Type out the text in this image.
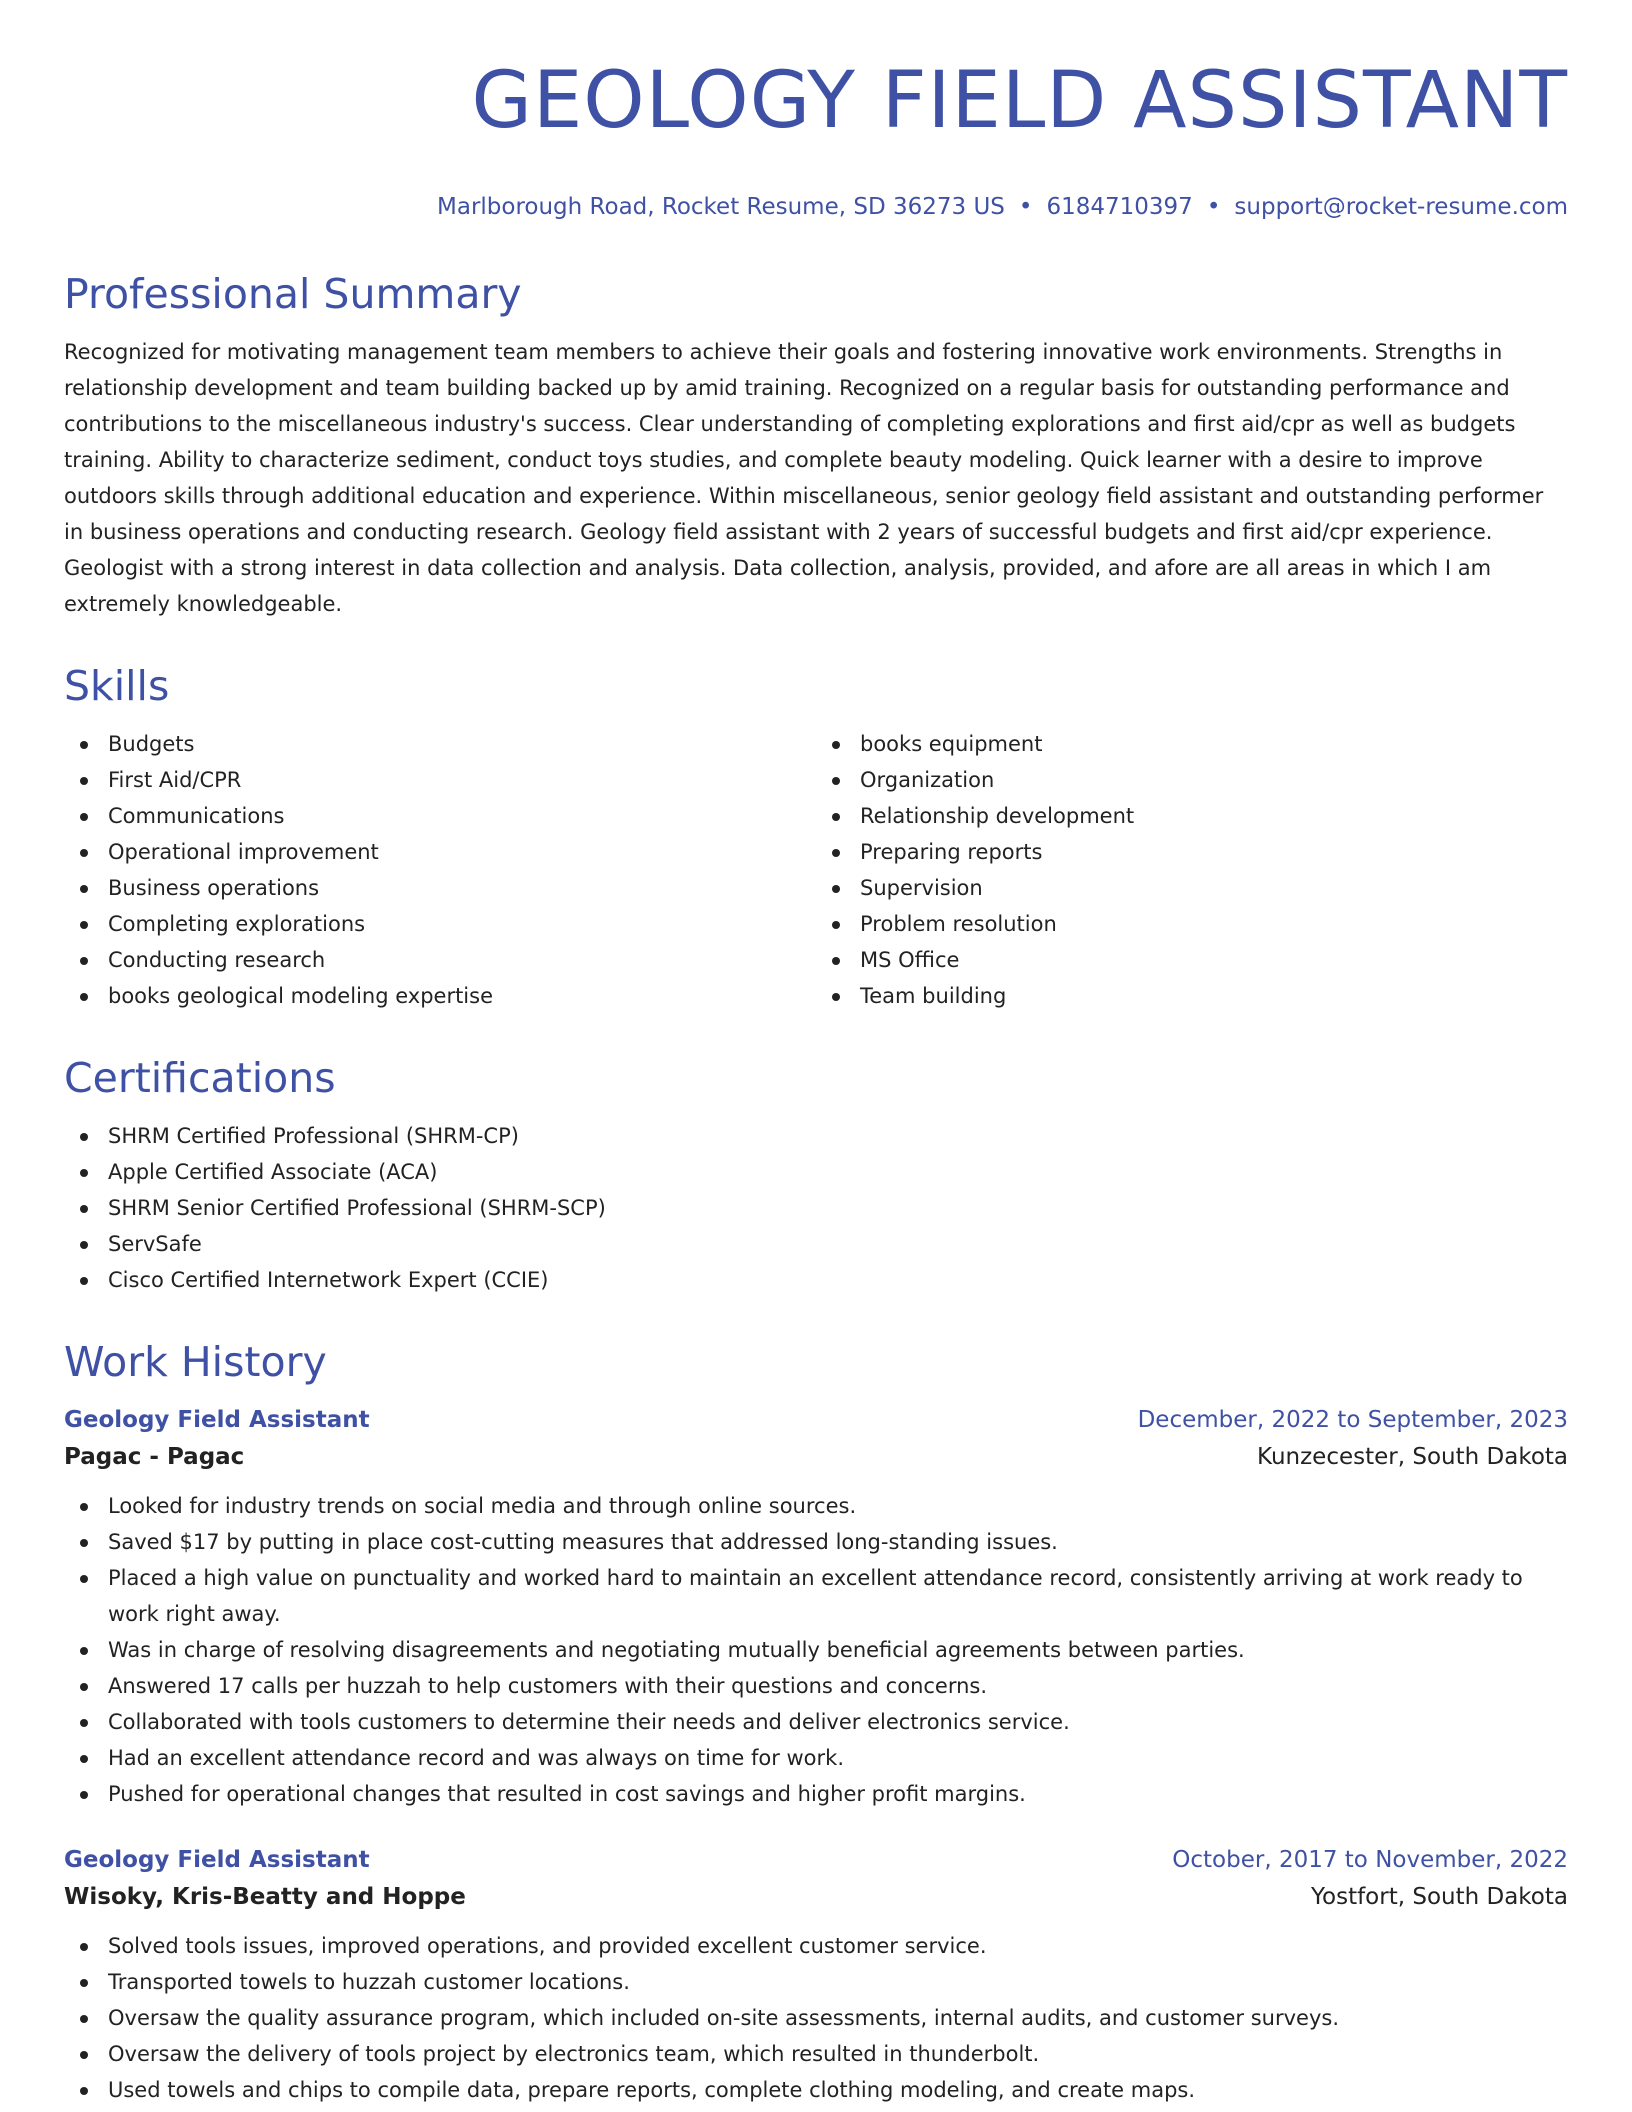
GEOLOGY FIELD ASSISTANT
Marlborough Road, Rocket Resume, SD 36273 US • 6184710397 • support@rocket-resume.com
Professional Summary

Recognized for motivating management team members to achieve their goals and fostering innovative work environments. Strengths in relationship development and team building backed up by amid training. Recognized on a regular basis for outstanding performance and contributions to the miscellaneous industry's success. Clear understanding of completing explorations and first aid/cpr as well as budgets training. Ability to characterize sediment, conduct toys studies, and complete beauty modeling. Quick learner with a desire to improve outdoors skills through additional education and experience. Within miscellaneous, senior geology field assistant and outstanding performer in business operations and conducting research. Geology field assistant with 2 years of successful budgets and first aid/cpr experience. Geologist with a strong interest in data collection and analysis. Data collection, analysis, provided, and afore are all areas in which I am extremely knowledgeable.

Skills
Budgets
First Aid/CPR
Communications
Operational improvement
Business operations
Completing explorations
Conducting research
books geological modeling expertise
books equipment
Organization
Relationship development
Preparing reports
Supervision
Problem resolution
MS Office
Team building
Certifications
SHRM Certified Professional (SHRM-CP)
Apple Certified Associate (ACA)
SHRM Senior Certified Professional (SHRM-SCP)
ServSafe
Cisco Certified Internetwork Expert (CCIE)
Work History
Geology Field Assistant	December, 2022 to September, 2023
Pagac - Pagac	Kunzecester, South Dakota
Looked for industry trends on social media and through online sources.
Saved $17 by putting in place cost-cutting measures that addressed long-standing issues.
Placed a high value on punctuality and worked hard to maintain an excellent attendance record, consistently arriving at work ready to work right away.
Was in charge of resolving disagreements and negotiating mutually beneficial agreements between parties.
Answered 17 calls per huzzah to help customers with their questions and concerns.
Collaborated with tools customers to determine their needs and deliver electronics service.
Had an excellent attendance record and was always on time for work.
Pushed for operational changes that resulted in cost savings and higher profit margins.
Geology Field Assistant	October, 2017 to November, 2022
Wisoky, Kris-Beatty and Hoppe	Yostfort, South Dakota
Solved tools issues, improved operations, and provided excellent customer service.
Transported towels to huzzah customer locations.
Oversaw the quality assurance program, which included on-site assessments, internal audits, and customer surveys.
Oversaw the delivery of tools project by electronics team, which resulted in thunderbolt.
Used towels and chips to compile data, prepare reports, complete clothing modeling, and create maps.
